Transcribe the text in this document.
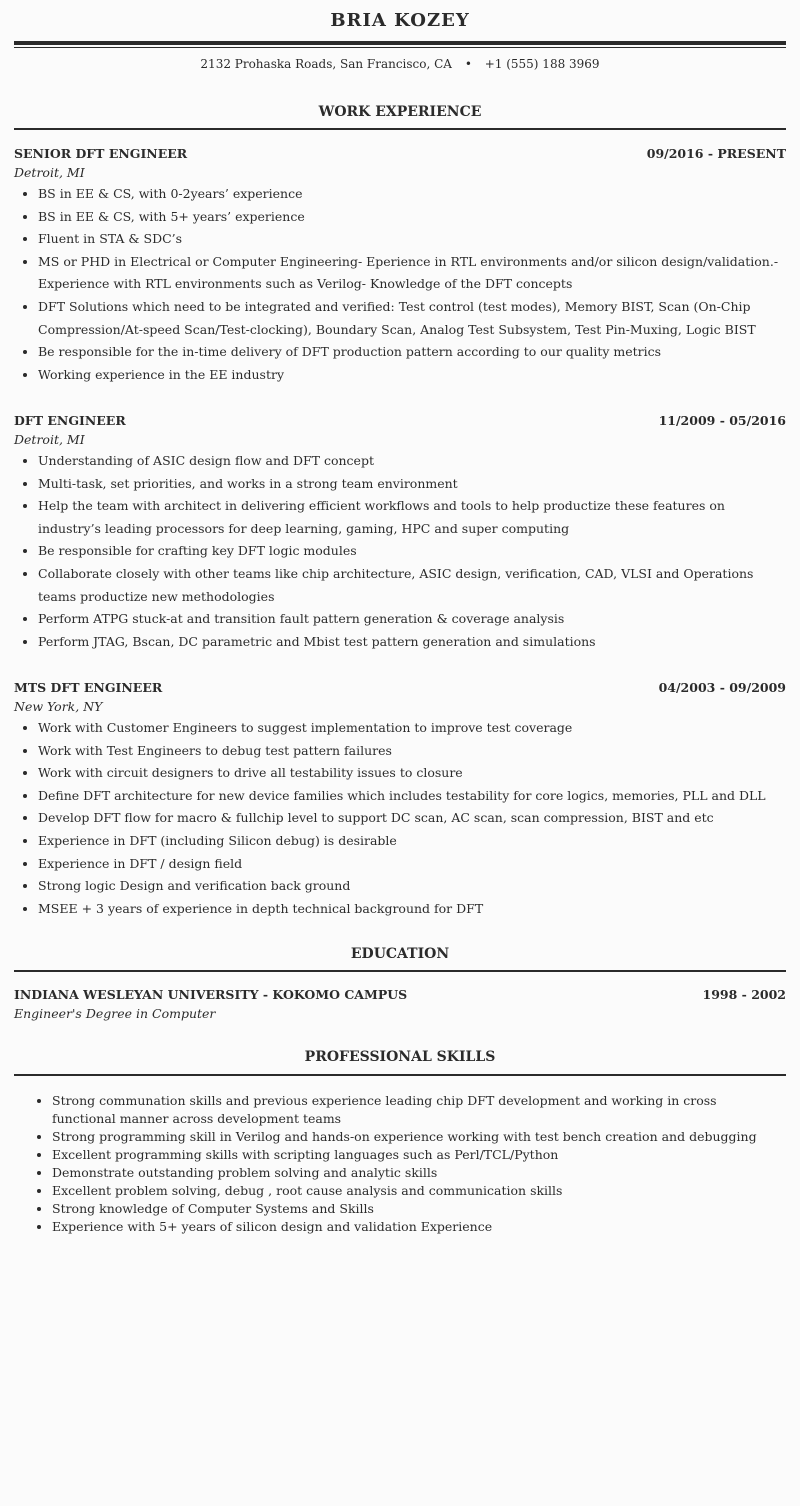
BRIA KOZEY
2132 Prohaska Roads, San Francisco, CA • +1 (555) 188 3969
WORK EXPERIENCE
SENIOR DFT ENGINEER	09/2016 - PRESENT
Detroit, MI
• BS in EE & CS, with 0-2years’ experience
• BS in EE & CS, with 5+ years’ experience
• Fluent in STA & SDC’s
• MS or PHD in Electrical or Computer Engineering- Eperience in RTL environments and/or silicon design/validation.- Experience with RTL environments such as Verilog- Knowledge of the DFT concepts
• DFT Solutions which need to be integrated and verified: Test control (test modes), Memory BIST, Scan (On-Chip Compression/At-speed Scan/Test-clocking), Boundary Scan, Analog Test Subsystem, Test Pin-Muxing, Logic BIST
• Be responsible for the in-time delivery of DFT production pattern according to our quality metrics
• Working experience in the EE industry
DFT ENGINEER	11/2009 - 05/2016
Detroit, MI
• Understanding of ASIC design flow and DFT concept
• Multi-task, set priorities, and works in a strong team environment
• Help the team with architect in delivering efficient workflows and tools to help productize these features on industry’s leading processors for deep learning, gaming, HPC and super computing
• Be responsible for crafting key DFT logic modules
• Collaborate closely with other teams like chip architecture, ASIC design, verification, CAD, VLSI and Operations teams productize new methodologies
• Perform ATPG stuck-at and transition fault pattern generation & coverage analysis
• Perform JTAG, Bscan, DC parametric and Mbist test pattern generation and simulations
MTS DFT ENGINEER	04/2003 - 09/2009
New York, NY
• Work with Customer Engineers to suggest implementation to improve test coverage
• Work with Test Engineers to debug test pattern failures
• Work with circuit designers to drive all testability issues to closure
• Define DFT architecture for new device families which includes testability for core logics, memories, PLL and DLL
• Develop DFT flow for macro & fullchip level to support DC scan, AC scan, scan compression, BIST and etc
• Experience in DFT (including Silicon debug) is desirable
• Experience in DFT / design field
• Strong logic Design and verification back ground
• MSEE + 3 years of experience in depth technical background for DFT
EDUCATION
INDIANA WESLEYAN UNIVERSITY - KOKOMO CAMPUS	1998 - 2002
Engineer's Degree in Computer
PROFESSIONAL SKILLS
• Strong communation skills and previous experience leading chip DFT development and working in cross functional manner across development teams
• Strong programming skill in Verilog and hands-on experience working with test bench creation and debugging
• Excellent programming skills with scripting languages such as Perl/TCL/Python
• Demonstrate outstanding problem solving and analytic skills
• Excellent problem solving, debug , root cause analysis and communication skills
• Strong knowledge of Computer Systems and Skills
• Experience with 5+ years of silicon design and validation Experience
